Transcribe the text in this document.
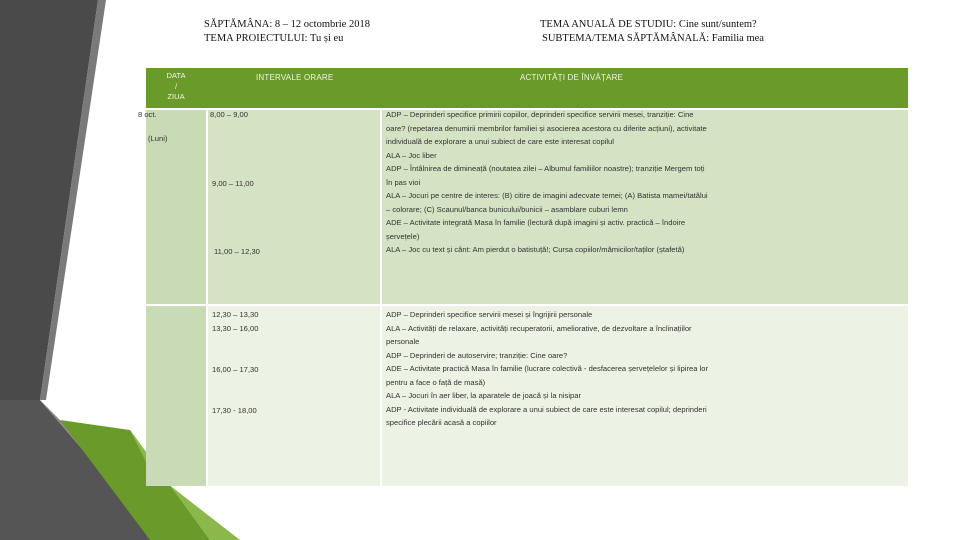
SĂPTĂMÂNA: 8 – 12 octombrie 2018
TEMA PROIECTULUI: Tu și eu
TEMA ANUALĂ DE STUDIU: Cine sunt/suntem?
SUBTEMA/TEMA SĂPTĂMÂNALĂ: Familia mea
DATA
/
ZIUA
INTERVALE ORARE	ACTIVITĂȚI DE ÎNVĂȚARE
8 oct.
(Luni)
8,00 – 9,00
9,00 – 11,00
11,00 – 12,30
ADP – Deprinderi specifice primirii copiilor, deprinderi specifice servirii mesei, tranziție: Cine
oare? (repetarea denumirii membrilor familiei și asocierea acestora cu diferite acțiuni), activitate
individuală de explorare a unui subiect de care este interesat copilul
ALA – Joc liber
ADP – Întâlnirea de dimineață (noutatea zilei – Albumul familiilor noastre); tranziție Mergem toți
în pas vioi
ALA – Jocuri pe centre de interes: (B) citire de imagini adecvate temei; (A) Batista mamei/tatălui
– colorare; (C) Scaunul/banca bunicului/bunicii – asamblare cuburi lemn
ADE – Activitate integrată Masa în familie (lectură după imagini și activ. practică – îndoire
șervețele)
ALA – Joc cu text și cânt: Am pierdut o batistuță!; Cursa copiilor/mămicilor/taților (ștafetă)
12,30 – 13,30
13,30 – 16,00
16,00 – 17,30
17,30 - 18,00
ADP – Deprinderi specifice servirii mesei și îngrijirii personale
ALA – Activități de relaxare, activități recuperatorii, ameliorative, de dezvoltare a înclinațiilor
personale
ADP – Deprinderi de autoservire; tranziție: Cine oare?
ADE – Activitate practică Masa în familie (lucrare colectivă - desfacerea șervețelelor și lipirea lor
pentru a face o față de masă)
ALA – Jocuri în aer liber, la aparatele de joacă și la nisipar
ADP - Activitate individuală de explorare a unui subiect de care este interesat copilul; deprinderi
specifice plecării acasă a copiilor
